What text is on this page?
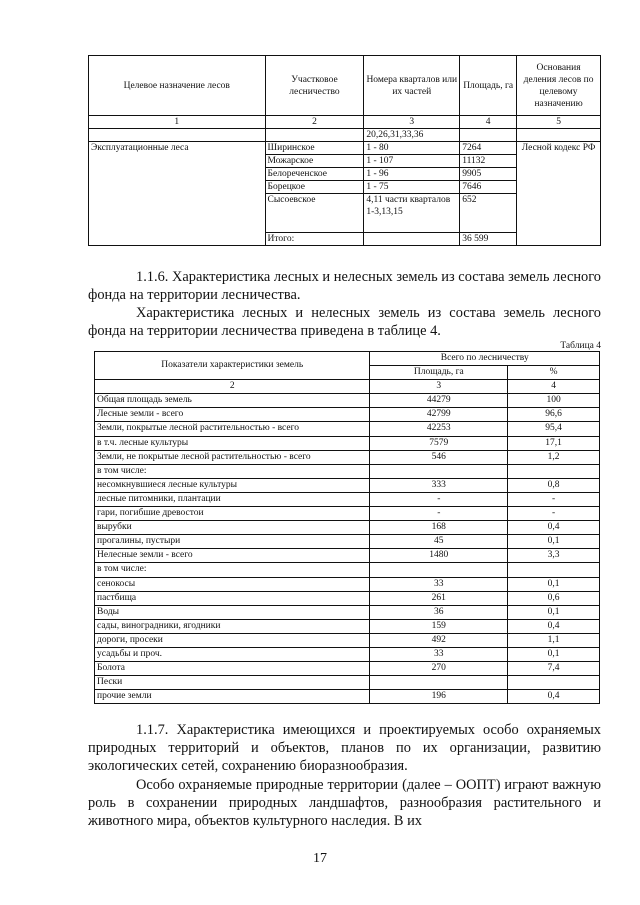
Целевое назначение лесов	Участковое лесничество	Номера кварталов или их частей	Площадь, га	Основания деления лесов по целевому назначению
1	2	3	4	5
		20,26,31,33,36		
Эксплуатационные леса	Ширинское	1 - 80	7264	Лесной кодекс РФ
	Можарское	1 - 107	11132	
	Белореченское	1 - 96	9905	
	Борецкое	1 - 75	7646	
	Сысоевское	4,11 части кварталов 1-3,13,15	652	
	Итого:		36 599	

1.1.6. Характеристика лесных и нелесных земель из состава земель лесного фонда на территории лесничества.

Характеристика лесных и нелесных земель из состава земель лесного фонда на территории лесничества приведена в таблице 4.

Таблица 4
Показатели характеристики земель	Всего по лесничеству	
	Площадь, га	%
2	3	4
Общая площадь земель	44279	100
Лесные земли - всего	42799	96,6
Земли, покрытые лесной растительностью - всего	42253	95,4
в т.ч. лесные культуры	7579	17,1
Земли, не покрытые лесной растительностью - всего	546	1,2
в том числе:		
несомкнувшиеся лесные культуры	333	0,8
лесные питомники, плантации	-	-
гари, погибшие древостои	-	-
вырубки	168	0,4
прогалины, пустыри	45	0,1
Нелесные земли - всего	1480	3,3
в том числе:		
сенокосы	33	0,1
пастбища	261	0,6
Воды	36	0,1
сады, виноградники, ягодники	159	0,4
дороги, просеки	492	1,1
усадьбы и проч.	33	0,1
Болота	270	7,4
Пески		
прочие земли	196	0,4

1.1.7. Характеристика имеющихся и проектируемых особо охраняемых природных территорий и объектов, планов по их организации, развитию экологических сетей, сохранению биоразнообразия.

Особо охраняемые природные территории (далее – ООПТ) играют важную роль в сохранении природных ландшафтов, разнообразия растительного и животного мира, объектов культурного наследия. В их

17
